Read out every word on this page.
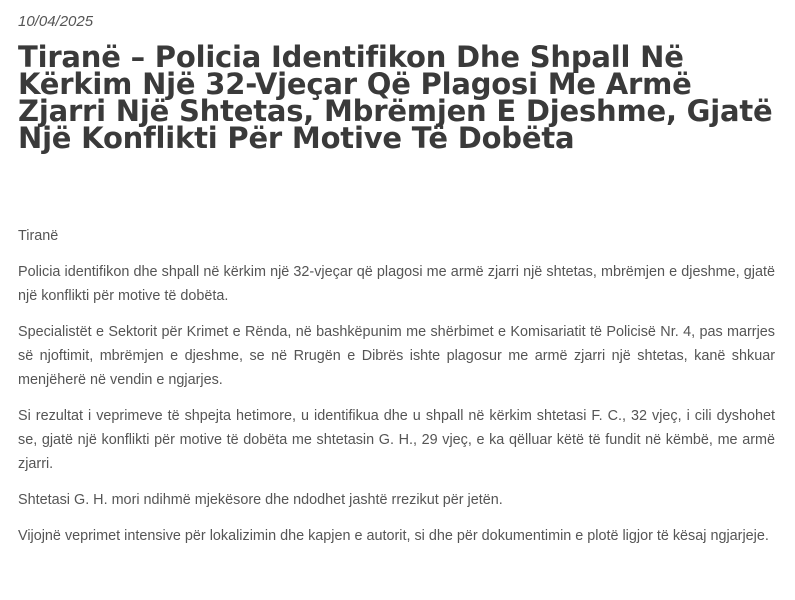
10/04/2025
Tiranë – Policia Identifikon Dhe Shpall Në Kërkim Një 32-Vjeçar Që Plagosi Me Armë Zjarri Një Shtetas, Mbrëmjen E Djeshme, Gjatë Një Konflikti Për Motive Të Dobëta

Tiranë

Policia identifikon dhe shpall në kërkim një 32-vjeçar që plagosi me armë zjarri një shtetas, mbrëmjen e djeshme, gjatë një konflikti për motive të dobëta.

Specialistët e Sektorit për Krimet e Rënda, në bashkëpunim me shërbimet e Komisariatit të Policisë Nr. 4, pas marrjes së njoftimit, mbrëmjen e djeshme, se në Rrugën e Dibrës ishte plagosur me armë zjarri një shtetas, kanë shkuar menjëherë në vendin e ngjarjes.

Si rezultat i veprimeve të shpejta hetimore, u identifikua dhe u shpall në kërkim shtetasi F. C., 32 vjeç, i cili dyshohet se, gjatë një konflikti për motive të dobëta me shtetasin G. H., 29 vjeç, e ka qëlluar këtë të fundit në këmbë, me armë zjarri.

Shtetasi G. H. mori ndihmë mjekësore dhe ndodhet jashtë rrezikut për jetën.

Vijojnë veprimet intensive për lokalizimin dhe kapjen e autorit, si dhe për dokumentimin e plotë ligjor të kësaj ngjarjeje.
